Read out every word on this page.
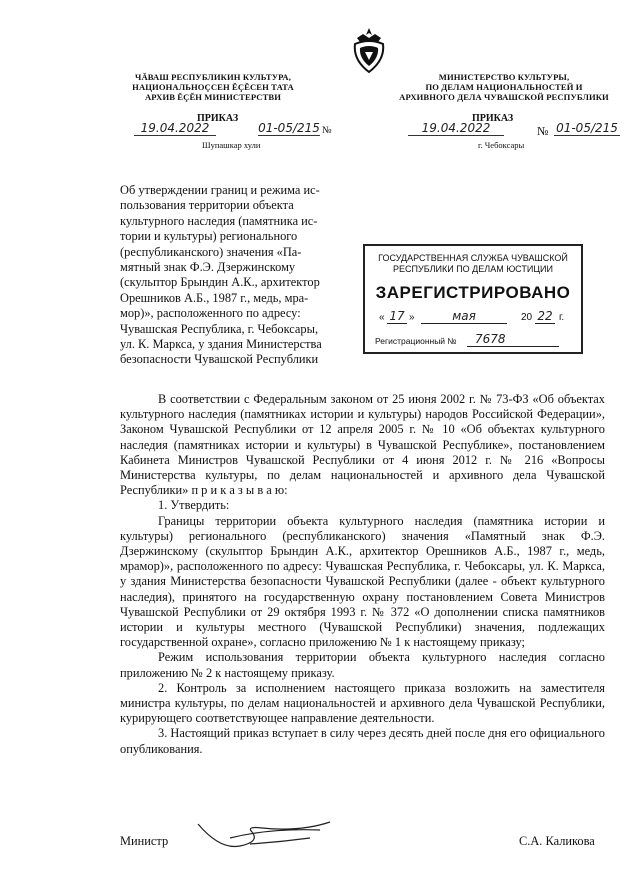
ЧĂВАШ РЕСПУБЛИКИН КУЛЬТУРА,
НАЦИОНАЛЬНОÇСЕН ĔÇĔСЕН ТАТА
АРХИВ ĔÇĔН МИНИСТЕРСТВИ
МИНИСТЕРСТВО КУЛЬТУРЫ,
ПО ДЕЛАМ НАЦИОНАЛЬНОСТЕЙ И
АРХИВНОГО ДЕЛА ЧУВАШСКОЙ РЕСПУБЛИКИ
ПРИКАЗ
19.04.2022	01-05/215 №
Шупашкар хули
ПРИКАЗ
19.04.2022	№ 01-05/215
г. Чебоксары
Об утверждении границ и режима ис-
пользования территории объекта
культурного наследия (памятника ис-
тории и культуры) регионального
(республиканского) значения «Па-
мятный знак Ф.Э. Дзержинскому
(скульптор Брындин А.К., архитектор
Орешников А.Б., 1987 г., медь, мра-
мор)», расположенного по адресу:
Чувашская Республика, г. Чебоксары,
ул. К. Маркса, у здания Министерства
безопасности Чувашской Республики
ГОСУДАРСТВЕННАЯ СЛУЖБА ЧУВАШСКОЙ
РЕСПУБЛИКИ ПО ДЕЛАМ ЮСТИЦИИ
ЗАРЕГИСТРИРОВАНО
« 17 »	мая	20 22 г.
Регистрационный №	7678

В соответствии с Федеральным законом от 25 июня 2002 г. № 73-ФЗ «Об объектах культурного наследия (памятниках истории и культуры) народов Российской Федерации», Законом Чувашской Республики от 12 апреля 2005 г. № 10 «Об объектах культурного наследия (памятниках истории и культуры) в Чувашской Республике», постановлением Кабинета Министров Чувашской Республики от 4 июня 2012 г. № 216 «Вопросы Министерства культуры, по делам национальностей и архивного дела Чувашской Республики» п р и к а з ы в а ю:

1. Утвердить:

Границы территории объекта культурного наследия (памятника истории и культуры) регионального (республиканского) значения «Памятный знак Ф.Э. Дзержинскому (скульптор Брындин А.К., архитектор Орешников А.Б., 1987 г., медь, мрамор)», расположенного по адресу: Чувашская Республика, г. Чебоксары, ул. К. Маркса, у здания Министерства безопасности Чувашской Республики (далее - объект культурного наследия), принятого на государственную охрану постановлением Совета Министров Чувашской Республики от 29 октября 1993 г. № 372 «О дополнении списка памятников истории и культуры местного (Чувашской Республики) значения, подлежащих государственной охране», согласно приложению № 1 к настоящему приказу;

Режим использования территории объекта культурного наследия согласно приложению № 2 к настоящему приказу.

2. Контроль за исполнением настоящего приказа возложить на заместителя министра культуры, по делам национальностей и архивного дела Чувашской Республики, курирующего соответствующее направление деятельности.

3. Настоящий приказ вступает в силу через десять дней после дня его официального опубликования.

Министр	С.А. Каликова
